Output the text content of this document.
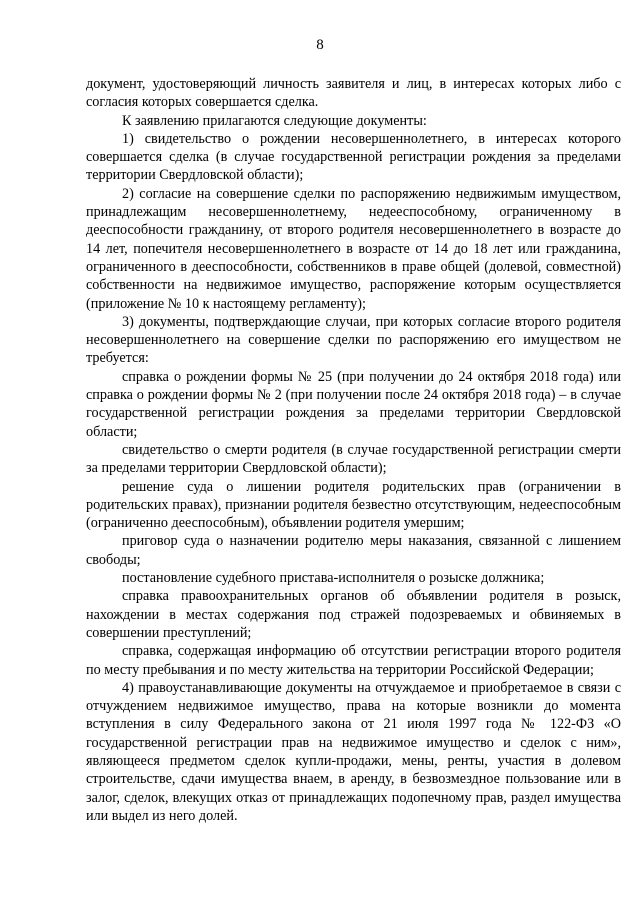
8

документ, удостоверяющий личность заявителя и лиц, в интересах которых либо с согласия которых совершается сделка.

К заявлению прилагаются следующие документы:

1) свидетельство о рождении несовершеннолетнего, в интересах которого совершается сделка (в случае государственной регистрации рождения за пределами территории Свердловской области);

2) согласие на совершение сделки по распоряжению недвижимым имуществом, принадлежащим несовершеннолетнему, недееспособному, ограниченному в дееспособности гражданину, от второго родителя несовершеннолетнего в возрасте до 14 лет, попечителя несовершеннолетнего в возрасте от 14 до 18 лет или гражданина, ограниченного в дееспособности, собственников в праве общей (долевой, совместной) собственности на недвижимое имущество, распоряжение которым осуществляется (приложение № 10 к настоящему регламенту);

3) документы, подтверждающие случаи, при которых согласие второго родителя несовершеннолетнего на совершение сделки по распоряжению его имуществом не требуется:

справка о рождении формы № 25 (при получении до 24 октября 2018 года) или справка о рождении формы № 2 (при получении после 24 октября 2018 года) – в случае государственной регистрации рождения за пределами территории Свердловской области;

свидетельство о смерти родителя (в случае государственной регистрации смерти за пределами территории Свердловской области);

решение суда о лишении родителя родительских прав (ограничении в родительских правах), признании родителя безвестно отсутствующим, недееспособным (ограниченно дееспособным), объявлении родителя умершим;

приговор суда о назначении родителю меры наказания, связанной с лишением свободы;

постановление судебного пристава-исполнителя о розыске должника;

справка правоохранительных органов об объявлении родителя в розыск, нахождении в местах содержания под стражей подозреваемых и обвиняемых в совершении преступлений;

справка, содержащая информацию об отсутствии регистрации второго родителя по месту пребывания и по месту жительства на территории Российской Федерации;

4) правоустанавливающие документы на отчуждаемое и приобретаемое в связи с отчуждением недвижимое имущество, права на которые возникли до момента вступления в силу Федерального закона от 21 июля 1997 года № 122-ФЗ «О государственной регистрации прав на недвижимое имущество и сделок с ним», являющееся предметом сделок купли-продажи, мены, ренты, участия в долевом строительстве, сдачи имущества внаем, в аренду, в безвозмездное пользование или в залог, сделок, влекущих отказ от принадлежащих подопечному прав, раздел имущества или выдел из него долей.
